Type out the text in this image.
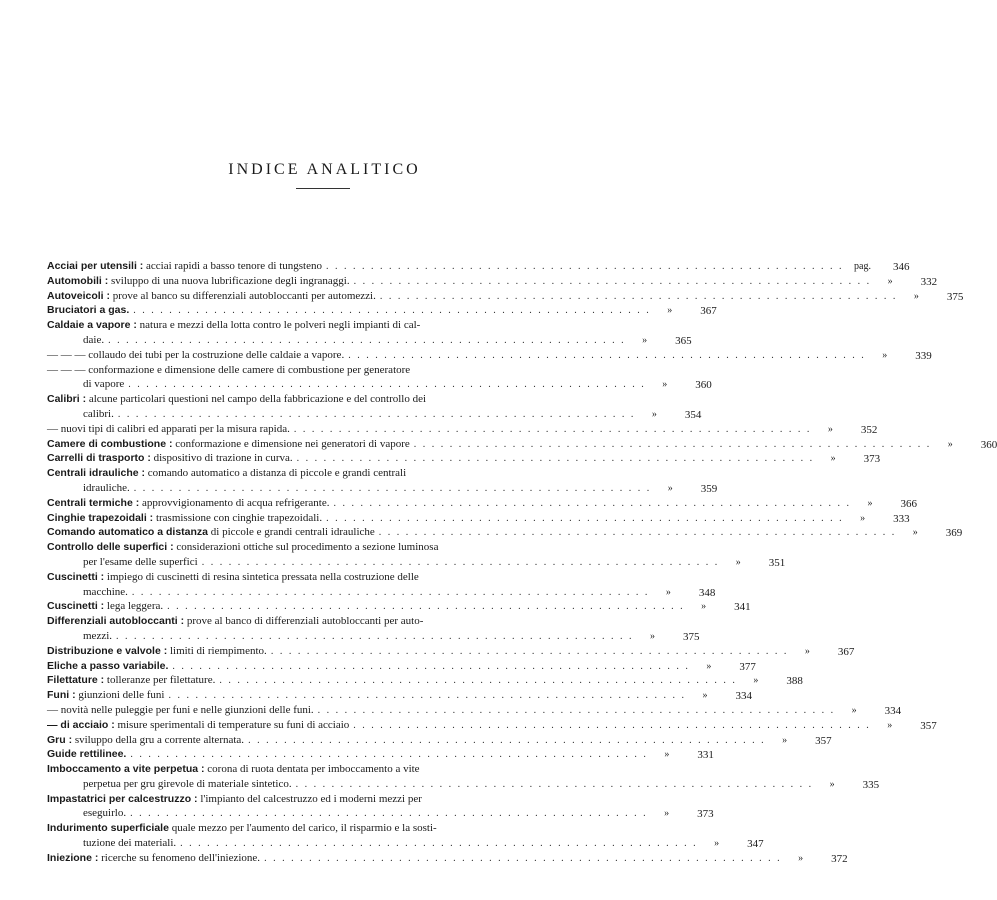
INDICE ANALITICO
Acciai per utensili : acciai rapidi a basso tenore di tungsteno . . .	pag.	346
Automobili : sviluppo di una nuova lubrificazione degli ingranaggi. . . .	»	332
Autoveicoli : prove al banco su differenziali autobloccanti per automezzi. . . .	»	375
Bruciatori a gas. . . .	»	367
Caldaie a vapore : natura e mezzi della lotta contro le polveri negli impianti di cal-
daie. . . .	»	365
— — — collaudo dei tubi per la costruzione delle caldaie a vapore. . . .	»	339
— — — conformazione e dimensione delle camere di combustione per generatore
di vapore . . .	»	360
Calibri : alcune particolari questioni nel campo della fabbricazione e del controllo dei
calibri. . . .	»	354
— nuovi tipi di calibri ed apparati per la misura rapida. . . .	»	352
Camere di combustione : conformazione e dimensione nei generatori di vapore . . .	»	360
Carrelli di trasporto : dispositivo di trazione in curva. . . .	»	373
Centrali idrauliche : comando automatico a distanza di piccole e grandi centrali
idrauliche. . . .	»	359
Centrali termiche : approvvigionamento di acqua refrigerante. . . .	»	366
Cinghie trapezoidali : trasmissione con cinghie trapezoidali. . . .	»	333
Comando automatico a distanza di piccole e grandi centrali idrauliche . . .	»	369
Controllo delle superfici : considerazioni ottiche sul procedimento a sezione luminosa
per l'esame delle superfici . . .	»	351
Cuscinetti : impiego di cuscinetti di resina sintetica pressata nella costruzione delle
macchine. . . .	»	348
Cuscinetti : lega leggera. . . .	»	341
Differenziali autobloccanti : prove al banco di differenziali autobloccanti per auto-
mezzi. . . .	»	375
Distribuzione e valvole : limiti di riempimento. . . .	»	367
Eliche a passo variabile. . . .	»	377
Filettature : tolleranze per filettature. . . .	»	388
Funi : giunzioni delle funi . . .	»	334
— novità nelle puleggie per funi e nelle giunzioni delle funi. . . .	»	334
— di acciaio : misure sperimentali di temperature su funi di acciaio . . .	»	357
Gru : sviluppo della gru a corrente alternata. . . .	»	357
Guide rettilinee. . . .	»	331
Imboccamento a vite perpetua : corona di ruota dentata per imboccamento a vite
perpetua per gru girevole di materiale sintetico. . . .	»	335
Impastatrici per calcestruzzo : l'impianto del calcestruzzo ed i moderni mezzi per
eseguirlo. . . .	»	373
Indurimento superficiale quale mezzo per l'aumento del carico, il risparmio e la sosti-
tuzione dei materiali. . . .	»	347
Iniezione : ricerche su fenomeno dell'iniezione. . . .	»	372
